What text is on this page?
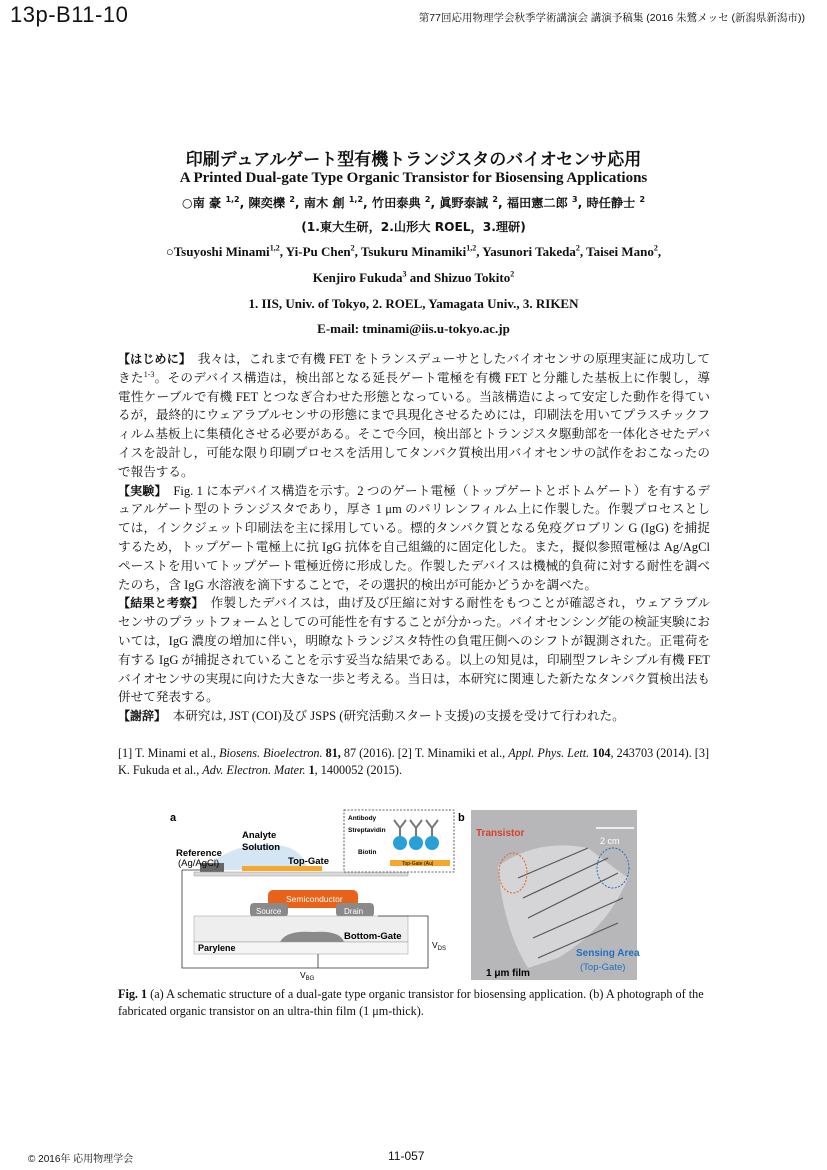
13p-B11-10	第77回応用物理学会秋季学術講演会 講演予稿集 (2016 朱鷺メッセ (新潟県新潟市))
印刷デュアルゲート型有機トランジスタのバイオセンサ応用
A Printed Dual-gate Type Organic Transistor for Biosensing Applications
○南 豪 $^{1,2}$, 陳奕櫟 $^2$, 南木 創 $^{1,2}$, 竹田泰典 $^2$, 眞野泰誠 $^2$, 福田憲二郎 $^3$, 時任静士 $^2$
(1.東大生研，2.山形大 ROEL，3.理研)
○Tsuyoshi Minami$^{1,2}$, Yi-Pu Chen$^2$, Tsukuru Minamiki$^{1,2}$, Yasunori Takeda$^2$, Taisei Mano$^2$,
Kenjiro Fukuda$^3$ and Shizuo Tokito$^2$
1. IIS, Univ. of Tokyo, 2. ROEL, Yamagata Univ., 3. RIKEN
E-mail: tminami@iis.u-tokyo.ac.jp

【はじめに】　我々は，これまで有機 FET をトランスデューサとしたバイオセンサの原理実証に成功してきた$^{1-3}$。そのデバイス構造は，検出部となる延長ゲート電極を有機 FET と分離した基板上に作製し，導電性ケーブルで有機 FET とつなぎ合わせた形態となっている。当該構造によって安定した動作を得ているが，最終的にウェアラブルセンサの形態にまで具現化させるためには，印刷法を用いてプラスチックフィルム基板上に集積化させる必要がある。そこで今回，検出部とトランジスタ駆動部を一体化させたデバイスを設計し，可能な限り印刷プロセスを活用してタンパク質検出用バイオセンサの試作をおこなったので報告する。

【実験】　Fig. 1 に本デバイス構造を示す。2 つのゲート電極（トップゲートとボトムゲート）を有するデュアルゲート型のトランジスタであり，厚さ 1 μm のパリレンフィルム上に作製した。作製プロセスとしては，インクジェット印刷法を主に採用している。標的タンパク質となる免疫グロブリン G (IgG) を捕捉するため，トップゲート電極上に抗 IgG 抗体を自己組織的に固定化した。また，擬似参照電極は Ag/AgCl ペーストを用いてトップゲート電極近傍に形成した。作製したデバイスは機械的負荷に対する耐性を調べたのち，含 IgG 水溶液を滴下することで，その選択的検出が可能かどうかを調べた。

【結果と考察】　作製したデバイスは，曲げ及び圧縮に対する耐性をもつことが確認され，ウェアラブルセンサのプラットフォームとしての可能性を有することが分かった。バイオセンシング能の検証実験においては，IgG 濃度の増加に伴い，明瞭なトランジスタ特性の負電圧側へのシフトが観測された。正電荷を有する IgG が捕捉されていることを示す妥当な結果である。以上の知見は，印刷型フレキシブル有機 FET バイオセンサの実現に向けた大きな一歩と考える。当日は，本研究に関連した新たなタンパク質検出法も併せて発表する。

【謝辞】　本研究は, JST (COI)及び JSPS (研究活動スタート支援)の支援を受けて行われた。

[1] T. Minami et al., Biosens. Bioelectron. 81, 87 (2016). [2] T. Minamiki et al., Appl. Phys. Lett. 104, 243703 (2014). [3] K. Fukuda et al., Adv. Electron. Mater. 1, 1400052 (2015).
a
Parylene
Reference
(Ag/AgCl)
Analyte
Solution
Top-Gate
Semiconductor
Source	Drain
Bottom-Gate
$V_{DS}$
$V_{BG}$
Antibody
Streptavidin
Biotin
Top-Gate (Au)
b
Transistor
2 cm
1 μm film
Sensing Area
(Top-Gate)
Fig. 1 (a) A schematic structure of a dual-gate type organic transistor for biosensing application. (b) A photograph of the fabricated organic transistor on an ultra-thin film (1 μm-thick).
© 2016年 応用物理学会	11-057
